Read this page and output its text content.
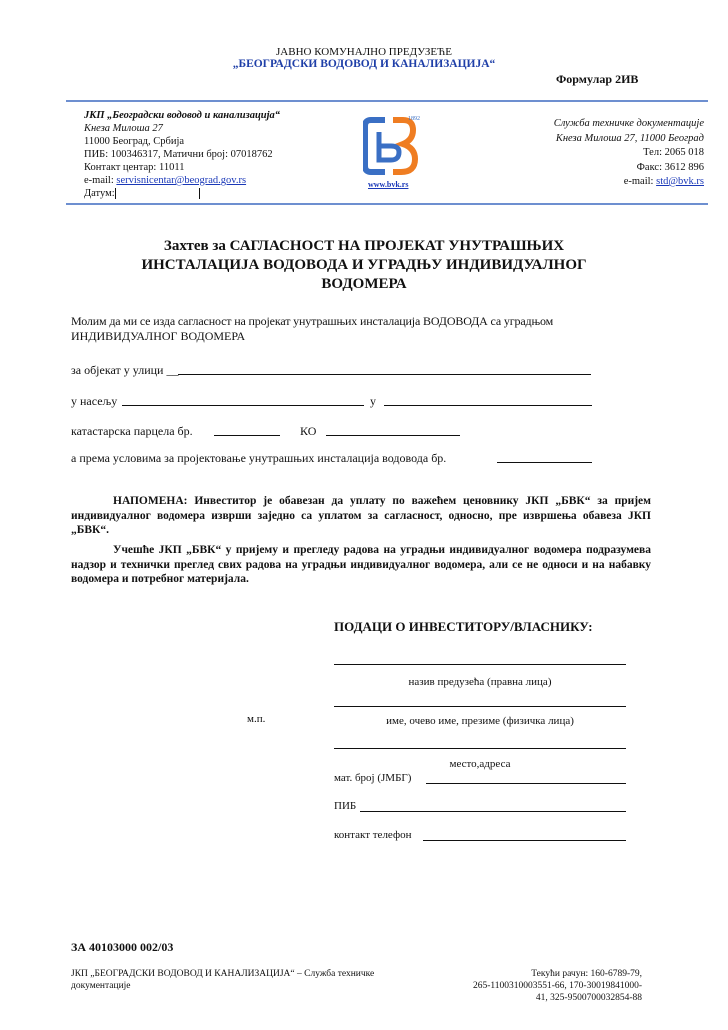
ЈАВНО КОМУНАЛНО ПРЕДУЗЕЋЕ
„БЕОГРАДСКИ ВОДОВОД И КАНАЛИЗАЦИЈА“
Формулар 2ИВ
ЈКП „Београдски водовод и канализација“
Кнеза Милоша 27
11000 Београд, Србија
ПИБ: 100346317, Матични број: 07018762
Контакт центар: 11011
e-mail: servisnicentar@beograd.gov.rs
Датум:
1892
www.bvk.rs
Служба техничке документације
Кнеза Милоша 27, 11000 Београд
Тел: 2065 018
Факс: 3612 896
e-mail: std@bvk.rs
Захтев за САГЛАСНОСТ НА ПРОЈЕКАТ УНУТРАШЊИХ
ИНСТАЛАЦИЈА ВОДОВОДА И УГРАДЊУ ИНДИВИДУАЛНОГ
ВОДОМЕРА
Молим да ми се изда сагласност на пројекат унутрашњих инсталација ВОДОВОДА са уградњом
ИНДИВИДУАЛНОГ ВОДОМЕРА
за објекат у улици __
у насељу	у
катастарска парцела бр.	КО
а према условима за пројектовање унутрашњих инсталација водовода бр.
НАПОМЕНА: Инвеститор је обавезан да уплату по важећем ценовнику ЈКП „БВК“ за пријем индивидуалног водомера изврши заједно са уплатом за сагласност, односно, пре извршења обавеза ЈКП „БВК“.
Учешће ЈКП „БВК“ у пријему и прегледу радова на уградњи индивидуалног водомера подразумева надзор и технички преглед свих радова на уградњи индивидуалног водомера, али се не односи и на набавку водомера и потребног материјала.
ПОДАЦИ О ИНВЕСТИТОРУ/ВЛАСНИКУ:
назив предузећа (правна лица)
м.п.	име, очево име, презиме (физичка лица)
место,адреса
мат. број (ЈМБГ)
ПИБ
контакт телефон
ЗА 40103000 002/03
ЈКП „БЕОГРАДСКИ ВОДОВОД И КАНАЛИЗАЦИЈА“ – Служба техничке
документације
Текући рачун: 160-6789-79,
265-1100310003551-66, 170-30019841000-
41, 325-9500700032854-88
